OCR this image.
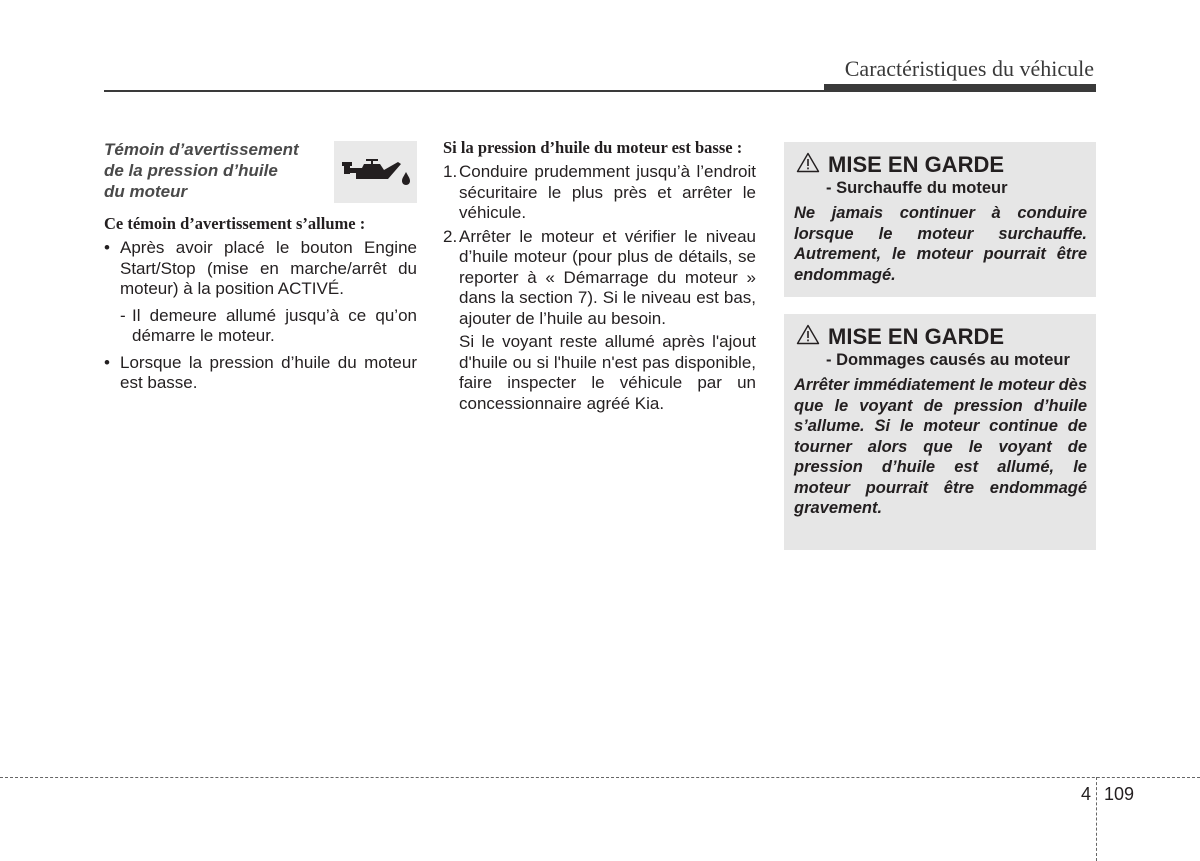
Caractéristiques du véhicule
Témoin d’avertissement
de la pression d’huile
du moteur
Ce témoin d’avertissement s’allume :
• Après avoir placé le bouton Engine Start/Stop (mise en marche/arrêt du moteur) à la position ACTIVÉ.
- Il demeure allumé jusqu’à ce qu’on démarre le moteur.
• Lorsque la pression d’huile du moteur est basse.
Si la pression d’huile du moteur est basse :
1. Conduire prudemment jusqu’à l’endroit sécuritaire le plus près et arrêter le véhicule.
2. Arrêter le moteur et vérifier le niveau d’huile moteur (pour plus de détails, se reporter à « Démarrage du moteur » dans la section 7). Si le niveau est bas, ajouter de l’huile au besoin.
Si le voyant reste allumé après l'ajout d'huile ou si l'huile n'est pas disponible, faire inspecter le véhicule par un concessionnaire agréé Kia.
MISE EN GARDE
- Surchauffe du moteur
Ne jamais continuer à conduire lorsque le moteur surchauffe. Autrement, le moteur pourrait être endommagé.
MISE EN GARDE
- Dommages causés au moteur
Arrêter immédiatement le moteur dès que le voyant de pression d’huile s’allume. Si le moteur continue de tourner alors que le voyant de pression d’huile est allumé, le moteur pourrait être endommagé gravement.
4 109
